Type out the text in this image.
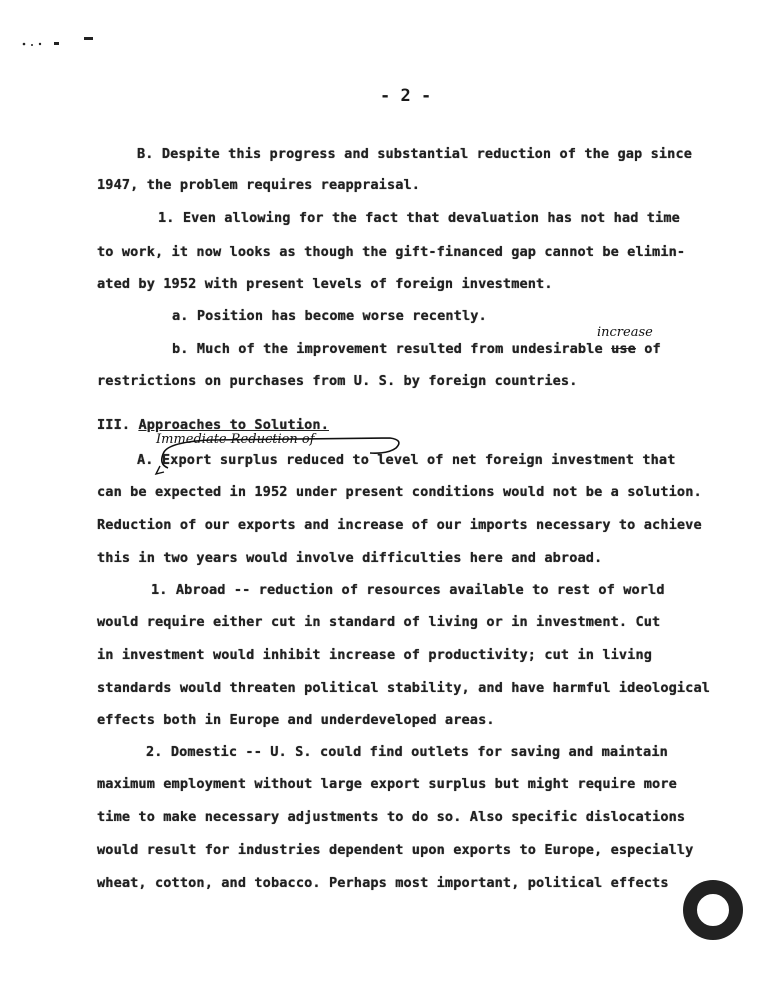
- 2 -
B. Despite this progress and substantial reduction of the gap since
1947, the problem requires reappraisal.
1. Even allowing for the fact that devaluation has not had time
to work, it now looks as though the gift-financed gap cannot be elimin-
ated by 1952 with present levels of foreign investment.
a. Position has become worse recently.
b. Much of the improvement resulted from undesirable use of
increase
restrictions on purchases from U. S. by foreign countries.
III. Approaches to Solution.
Immediate Reduction of
A. Export surplus reduced to level of net foreign investment that
can be expected in 1952 under present conditions would not be a solution.
Reduction of our exports and increase of our imports necessary to achieve
this in two years would involve difficulties here and abroad.
1. Abroad -- reduction of resources available to rest of world
would require either cut in standard of living or in investment. Cut
in investment would inhibit increase of productivity; cut in living
standards would threaten political stability, and have harmful ideological
effects both in Europe and underdeveloped areas.
2. Domestic -- U. S. could find outlets for saving and maintain
maximum employment without large export surplus but might require more
time to make necessary adjustments to do so. Also specific dislocations
would result for industries dependent upon exports to Europe, especially
wheat, cotton, and tobacco. Perhaps most important, political effects
